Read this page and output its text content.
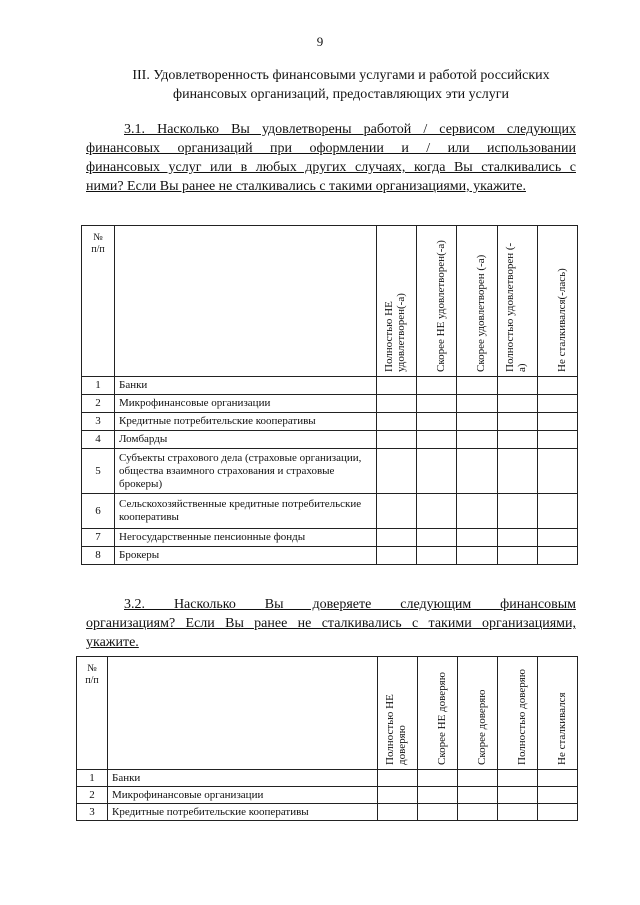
9
III. Удовлетворенность финансовыми услугами и работой российских финансовых организаций, предоставляющих эти услуги
3.1. Насколько Вы удовлетворены работой / сервисом следующих
финансовых организаций при оформлении и / или использовании
финансовых услуг или в любых других случаях, когда Вы сталкивались с
ними? Если Вы ранее не сталкивались с такими организациями, укажите.
№
п/п		Полностью НЕ удовлетворен(-а)	Скорее НЕ удовлетворен(-а)	Скорее удовлетворен (-а)	Полностью удовлетворен (-а)	Не сталкивался(-лась)

1	Банки					
2	Микрофинансовые организации					
3	Кредитные потребительские кооперативы					
4	Ломбарды					
5	Субъекты страхового дела (страховые организации, общества взаимного страхования и страховые брокеры)					
6	Сельскохозяйственные кредитные потребительские кооперативы					
7	Негосударственные пенсионные фонды					
8	Брокеры					
3.2. Насколько Вы доверяете следующим финансовым
организациям? Если Вы ранее не сталкивались с такими организациями,
укажите.
№
п/п		Полностью НЕ доверяю	Скорее НЕ доверяю	Скорее доверяю	Полностью доверяю	Не сталкивался

1	Банки					
2	Микрофинансовые организации					
3	Кредитные потребительские кооперативы					
